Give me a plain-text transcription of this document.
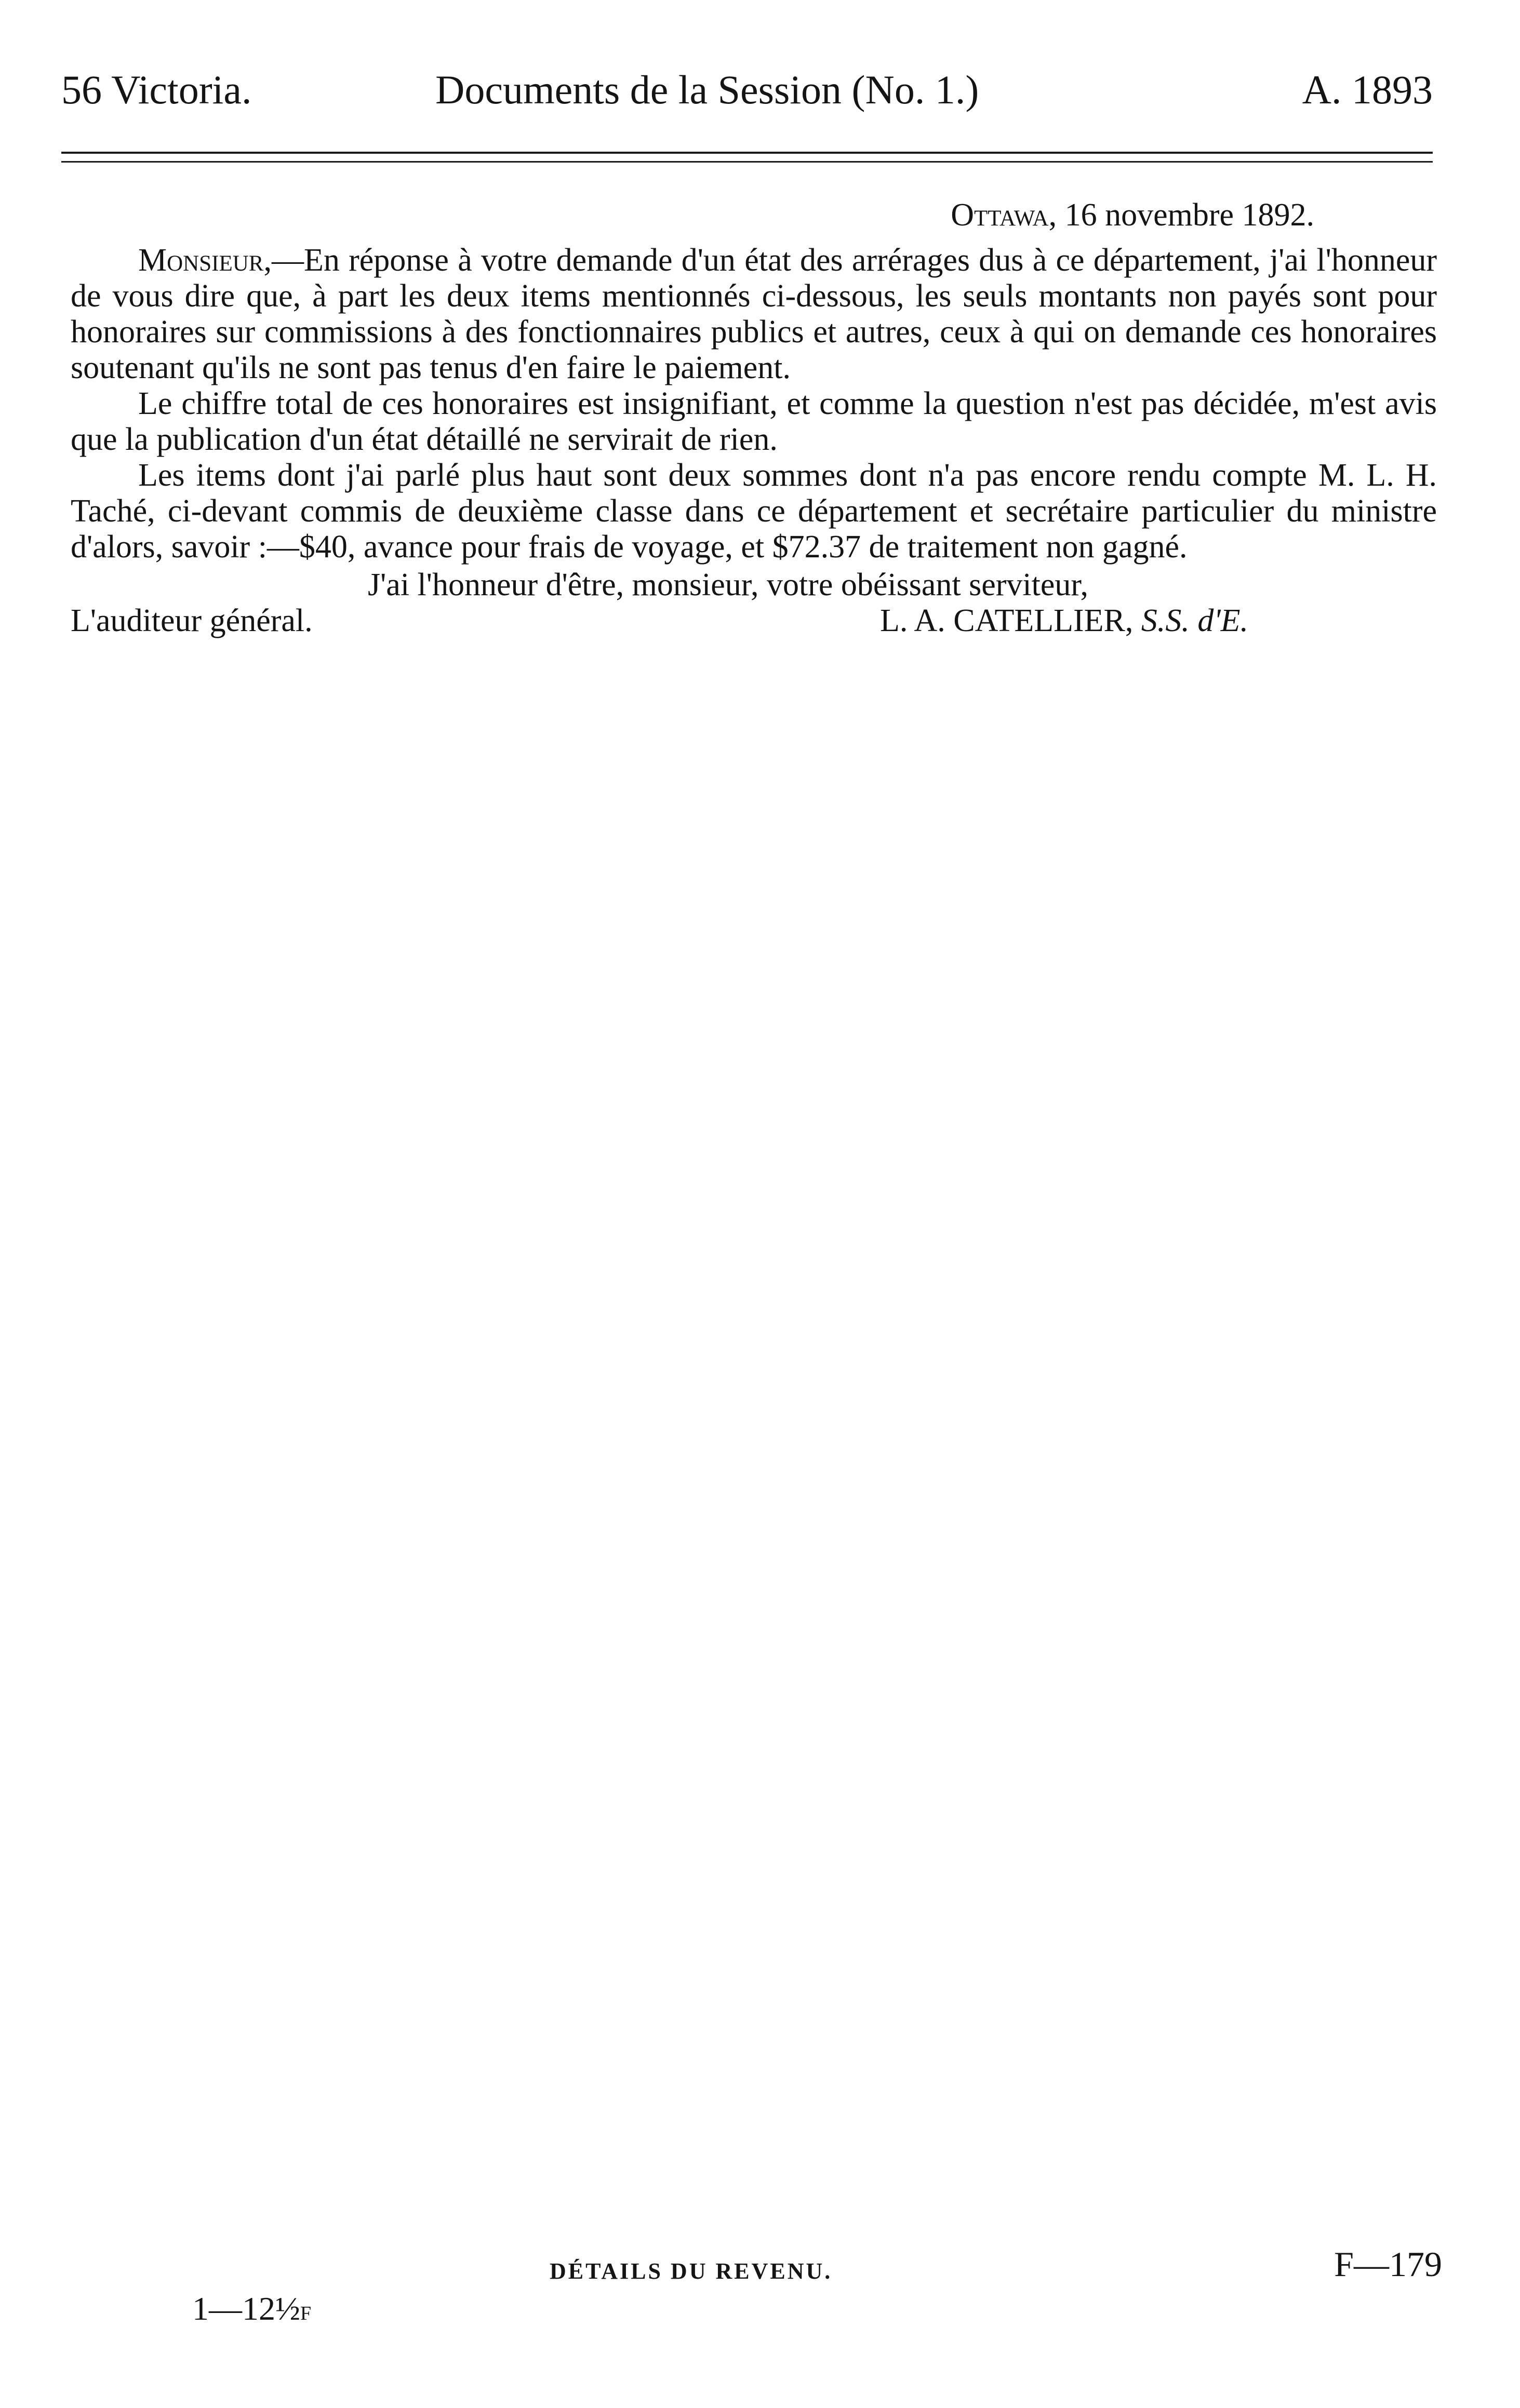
56 Victoria.	Documents de la Session (No. 1.)	A. 1893
Ottawa, 16 novembre 1892.

Monsieur,—En réponse à votre demande d'un état des arrérages dus à ce département, j'ai l'honneur de vous dire que, à part les deux items mentionnés ci-dessous, les seuls montants non payés sont pour honoraires sur commissions à des fonctionnaires publics et autres, ceux à qui on demande ces honoraires soutenant qu'ils ne sont pas tenus d'en faire le paiement.

Le chiffre total de ces honoraires est insignifiant, et comme la question n'est pas décidée, m'est avis que la publication d'un état détaillé ne servirait de rien.

Les items dont j'ai parlé plus haut sont deux sommes dont n'a pas encore rendu compte M. L. H. Taché, ci-devant commis de deuxième classe dans ce département et secrétaire particulier du ministre d'alors, savoir :—$40, avance pour frais de voyage, et $72.37 de traitement non gagné.

J'ai l'honneur d'être, monsieur, votre obéissant serviteur,

L'auditeur général.	L. A. CATELLIER, S.S. d'E.
DÉTAILS DU REVENU.	F—179
1—12½F
